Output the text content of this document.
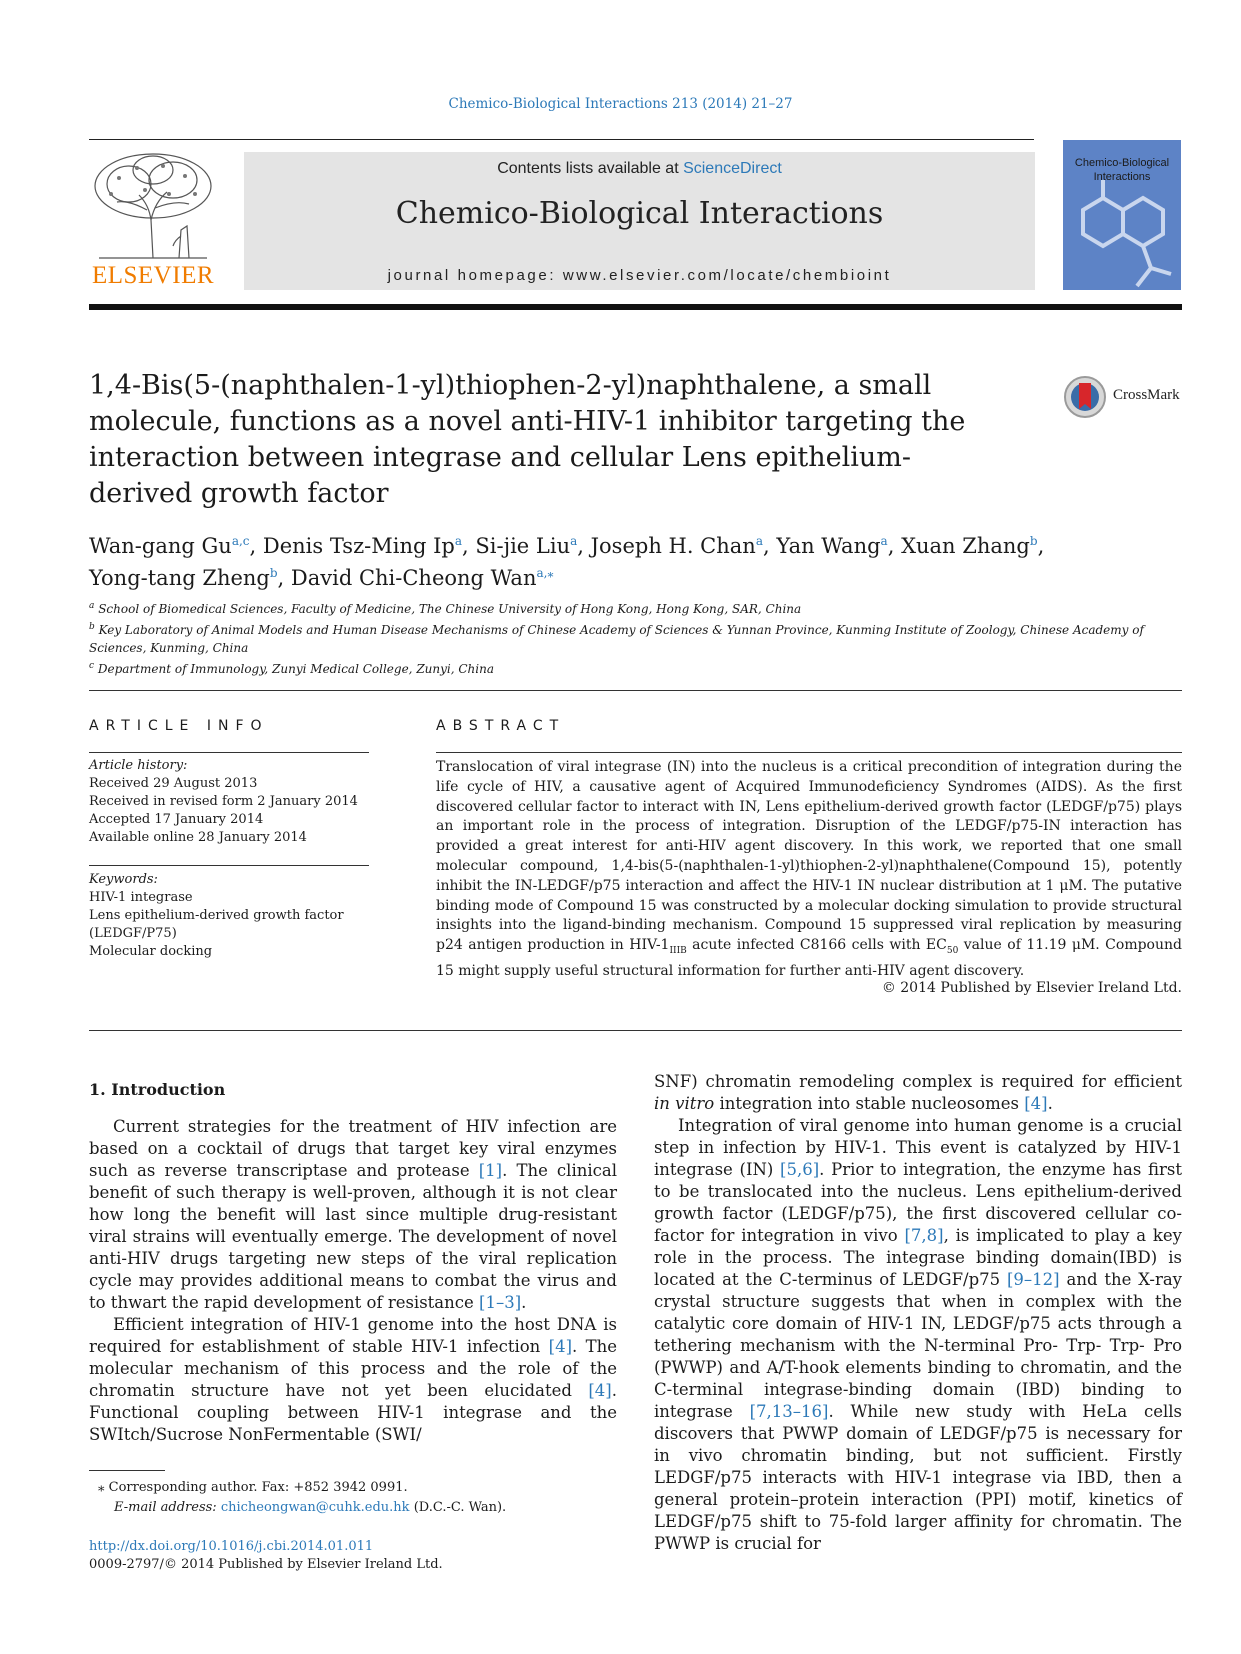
Chemico-Biological Interactions 213 (2014) 21–27
ELSEVIER
Contents lists available at ScienceDirect
Chemico-Biological Interactions
journal homepage: www.elsevier.com/locate/chembioint
Chemico-Biological Interactions
1,4-Bis(5-(naphthalen-1-yl)thiophen-2-yl)naphthalene, a small molecule, functions as a novel anti-HIV-1 inhibitor targeting the interaction between integrase and cellular Lens epithelium-derived growth factor
CrossMark
Wan-gang Gu$^{a,c}$, Denis Tsz-Ming Ip$^a$, Si-jie Liu$^a$, Joseph H. Chan$^a$, Yan Wang$^a$, Xuan Zhang$^b$,
Yong-tang Zheng$^b$, David Chi-Cheong Wan$^{a,⁎}$
$^a$ School of Biomedical Sciences, Faculty of Medicine, The Chinese University of Hong Kong, Hong Kong, SAR, China
$^b$ Key Laboratory of Animal Models and Human Disease Mechanisms of Chinese Academy of Sciences & Yunnan Province, Kunming Institute of Zoology, Chinese Academy of Sciences, Kunming, China
$^c$ Department of Immunology, Zunyi Medical College, Zunyi, China
ARTICLE INFO
Article history:
Received 29 August 2013
Received in revised form 2 January 2014
Accepted 17 January 2014
Available online 28 January 2014
Keywords:
HIV-1 integrase
Lens epithelium-derived growth factor
(LEDGF/P75)
Molecular docking
ABSTRACT

Translocation of viral integrase (IN) into the nucleus is a critical precondition of integration during the life cycle of HIV, a causative agent of Acquired Immunodeficiency Syndromes (AIDS). As the first discovered cellular factor to interact with IN, Lens epithelium-derived growth factor (LEDGF/p75) plays an important role in the process of integration. Disruption of the LEDGF/p75-IN interaction has provided a great interest for anti-HIV agent discovery. In this work, we reported that one small molecular compound, 1,4-bis(5-(naphthalen-1-yl)thiophen-2-yl)naphthalene(Compound 15), potently inhibit the IN-LEDGF/p75 interaction and affect the HIV-1 IN nuclear distribution at 1 μM. The putative binding mode of Compound 15 was constructed by a molecular docking simulation to provide structural insights into the ligand-binding mechanism. Compound 15 suppressed viral replication by measuring p24 antigen production in HIV-$1_{IIIB}$ acute infected C8166 cells with $EC_{50}$ value of 11.19 μM. Compound 15 might supply useful structural information for further anti-HIV agent discovery.

© 2014 Published by Elsevier Ireland Ltd.
1. Introduction

Current strategies for the treatment of HIV infection are based on a cocktail of drugs that target key viral enzymes such as reverse transcriptase and protease [1]. The clinical benefit of such therapy is well-proven, although it is not clear how long the benefit will last since multiple drug-resistant viral strains will eventually emerge. The development of novel anti-HIV drugs targeting new steps of the viral replication cycle may provides additional means to combat the virus and to thwart the rapid development of resistance [1–3].

Efficient integration of HIV-1 genome into the host DNA is required for establishment of stable HIV-1 infection [4]. The molecular mechanism of this process and the role of the chromatin structure have not yet been elucidated [4]. Functional coupling between HIV-1 integrase and the SWItch/Sucrose NonFermentable (SWI/

SNF) chromatin remodeling complex is required for efficient in vitro integration into stable nucleosomes [4].

Integration of viral genome into human genome is a crucial step in infection by HIV-1. This event is catalyzed by HIV-1 integrase (IN) [5,6]. Prior to integration, the enzyme has first to be translocated into the nucleus. Lens epithelium-derived growth factor (LEDGF/p75), the first discovered cellular co-factor for integration in vivo [7,8], is implicated to play a key role in the process. The integrase binding domain(IBD) is located at the C-terminus of LEDGF/p75 [9–12] and the X-ray crystal structure suggests that when in complex with the catalytic core domain of HIV-1 IN, LEDGF/p75 acts through a tethering mechanism with the N-terminal Pro- Trp- Trp- Pro (PWWP) and A/T-hook elements binding to chromatin, and the C-terminal integrase-binding domain (IBD) binding to integrase [7,13–16]. While new study with HeLa cells discovers that PWWP domain of LEDGF/p75 is necessary for in vivo chromatin binding, but not sufficient. Firstly LEDGF/p75 interacts with HIV-1 integrase via IBD, then a general protein–protein interaction (PPI) motif, kinetics of LEDGF/p75 shift to 75-fold larger affinity for chromatin. The PWWP is crucial for

⁎ Corresponding author. Fax: +852 3942 0991.
E-mail address: chicheongwan@cuhk.edu.hk (D.C.-C. Wan).
http://dx.doi.org/10.1016/j.cbi.2014.01.011
0009-2797/© 2014 Published by Elsevier Ireland Ltd.
